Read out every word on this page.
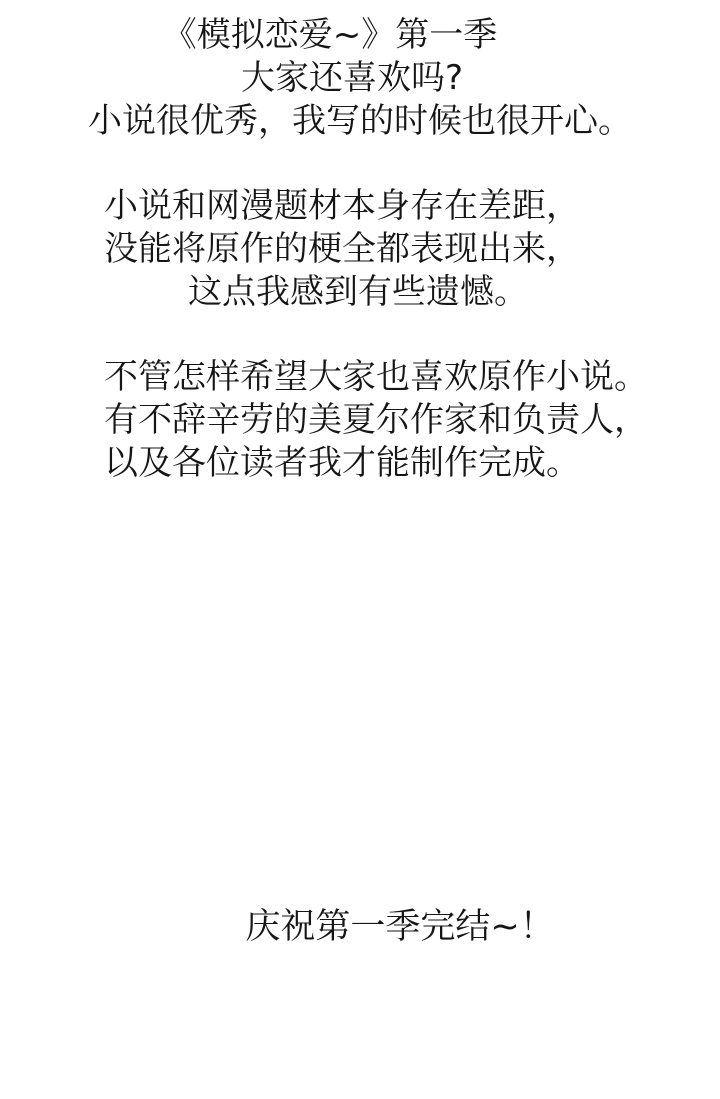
《模拟恋爱~》第一季
大家还喜欢吗?
小说很优秀，我写的时候也很开心。
小说和网漫题材本身存在差距，
没能将原作的梗全都表现出来，
这点我感到有些遗憾。
不管怎样希望大家也喜欢原作小说。
有不辞辛劳的美夏尔作家和负责人，
以及各位读者我才能制作完成。
庆祝第一季完结~！
